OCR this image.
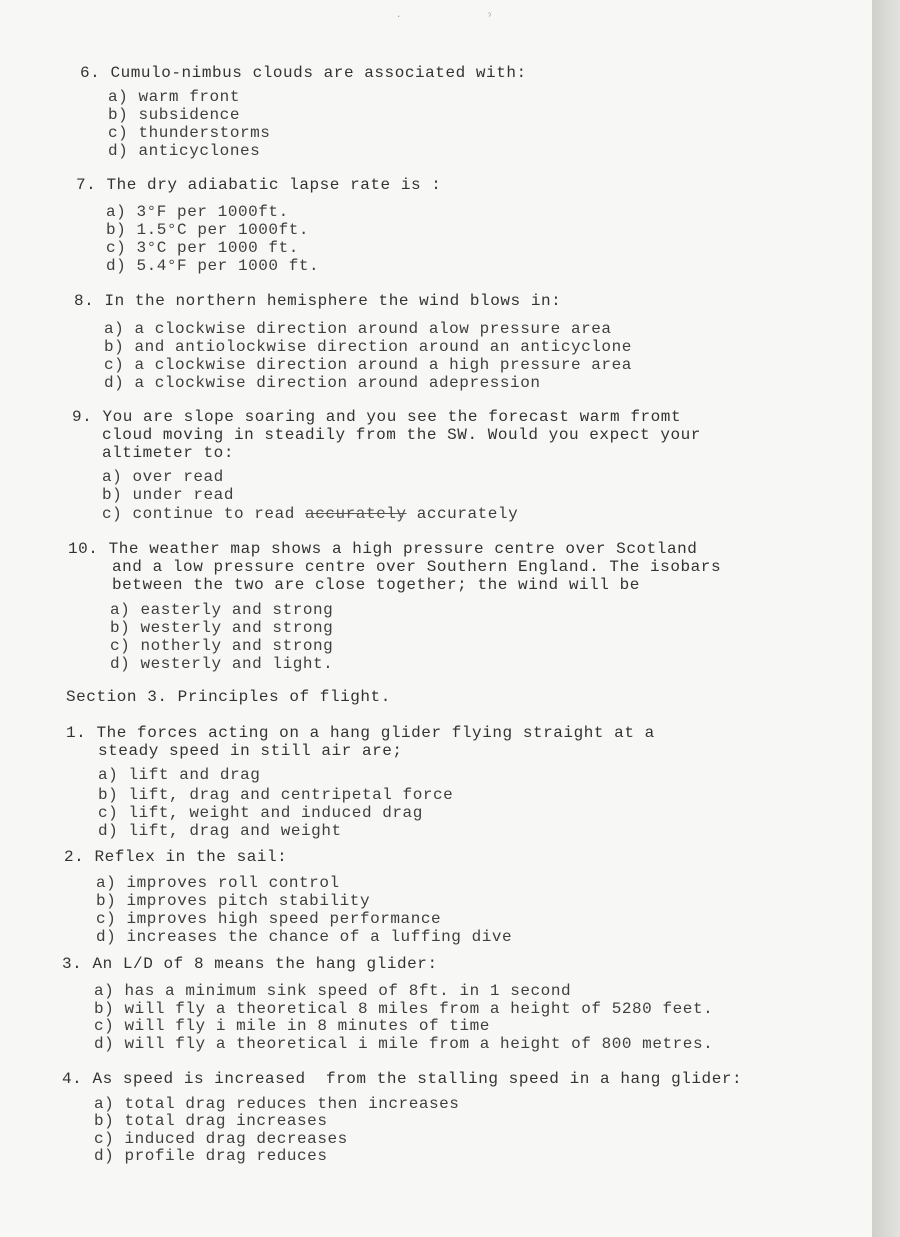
· ˀ
6. Cumulo-nimbus clouds are associated with:
a) warm front
b) subsidence
c) thunderstorms
d) anticyclones
7. The dry adiabatic lapse rate is :
a) 3°F per 1000ft.
b) 1.5°C per 1000ft.
c) 3°C per 1000 ft.
d) 5.4°F per 1000 ft.
8. In the northern hemisphere the wind blows in:
a) a clockwise direction around alow pressure area
b) and antiolockwise direction around an anticyclone
c) a clockwise direction around a high pressure area
d) a clockwise direction around adepression
9. You are slope soaring and you see the forecast warm fromt
cloud moving in steadily from the SW. Would you expect your
altimeter to:
a) over read
b) under read
c) continue to read accurately accurately
10. The weather map shows a high pressure centre over Scotland
and a low pressure centre over Southern England. The isobars
between the two are close together; the wind will be
a) easterly and strong
b) westerly and strong
c) notherly and strong
d) westerly and light.
Section 3. Principles of flight.
1. The forces acting on a hang glider flying straight at a
steady speed in still air are;
a) lift and drag
b) lift, drag and centripetal force
c) lift, weight and induced drag
d) lift, drag and weight
2. Reflex in the sail:
a) improves roll control
b) improves pitch stability
c) improves high speed performance
d) increases the chance of a luffing dive
3. An L/D of 8 means the hang glider:
a) has a minimum sink speed of 8ft. in 1 second
b) will fly a theoretical 8 miles from a height of 5280 feet.
c) will fly i mile in 8 minutes of time
d) will fly a theoretical i mile from a height of 800 metres.
4. As speed is increased  from the stalling speed in a hang glider:
a) total drag reduces then increases
b) total drag increases
c) induced drag decreases
d) profile drag reduces
